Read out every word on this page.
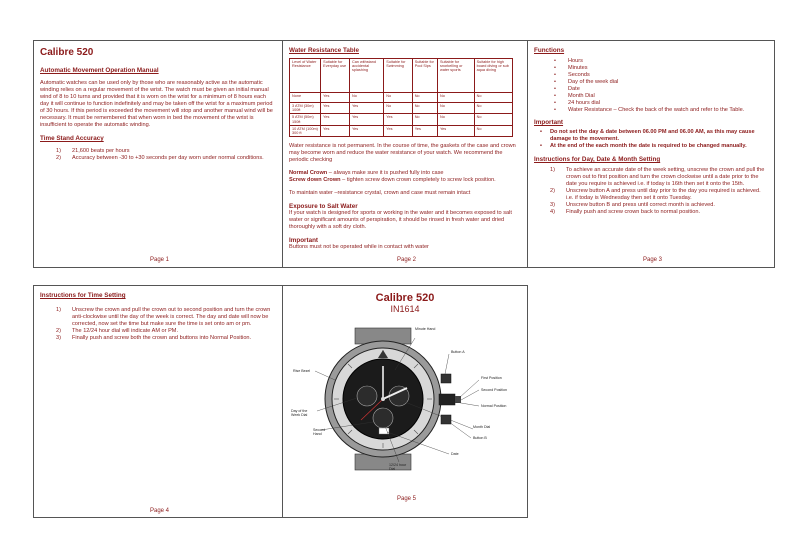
Calibre 520
Automatic Movement Operation Manual
Automatic watches can be used only by those who are reasonably active as the automatic winding relies on a regular movement of the wrist. The watch must be given an initial manual wind of 8 to 10 turns and provided that it is worn on the wrist for a minimum of 8 hours each day it will continue to function indefinitely and may be taken off the wrist for a maximum period of 30 hours. If this period is exceeded the movement will stop and another manual wind will be necessary. It must be remembered that when worn in bed the movement of the wrist is insufficient to operate the automatic winding.
Time Stand Accuracy
1)	21,600 beats per hours
2)	Accuracy between -30 to +30 seconds per day worn under normal conditions.
Page 1
Water Resistance Table
Level of Water Resistance	Suitable for Everyday use	Can withstand accidental splashing	Suitable for Swimming	Suitable for Pool Sips	Suitable for snorkelling or water sports	Suitable for high board diving or sub aqua diving
None	Yes	No	No	No	No	No
3 ATM (30m) 100ft	Yes	Yes	No	No	No	No
5 ATM (50m) 150ft	Yes	Yes	Yes	No	No	No
10 ATM (100m) 300 ft	Yes	Yes	Yes	Yes	Yes	No
Water resistance is not permanent. In the course of time, the gaskets of the case and crown may become worn and reduce the water resistance of your watch. We recommend the periodic checking
Normal Crown – always make sure it is pushed fully into case
Screw down Crown – tighten screw down crown completely to screw lock position.
To maintain water –resistance crystal, crown and case must remain intact
Exposure to Salt Water
If your watch is designed for sports or working in the water and it becomes exposed to salt water or significant amounts of perspiration, it should be rinsed in fresh water and dried thoroughly with a soft dry cloth.
Important
Buttons must not be operated while in contact with water
Page 2
Functions
• Hours
• Minutes
• Seconds
• Day of the week dial
• Date
• Month Dial
• 24 hours dial
• Water Resistance – Check the back of the watch and refer to the Table.
Important
•	Do not set the day & date between 06.00 PM and 06.00 AM, as this may cause damage to the movement.
•	At the end of the each month the date is required to be changed manually.
Instructions for Day, Date & Month Setting
1)	To achieve an accurate date of the week setting, unscrew the crown and pull the crown out to first position and turn the crown clockwise until a date prior to the date you require is achieved i.e. if today is 16th then set it onto the 15th.
2)	Unscrew button A and press until day prior to the day you required is achieved. i.e. if today is Wednesday then set it onto Tuesday.
3)	Unscrew button B and press until correct month is achieved.
4)	Finally push and screw crown back to normal position.
Page 3
Instructions for Time Setting
1)	Unscrew the crown and pull the crown out to second position and turn the crown anti-clockwise until the day of the week is correct. The day and date will now be corrected, now set the time but make sure the time is set onto am or pm.
2)	The 12/24 hour dial will indicate AM or PM.
3)	Finally push and screw both the crown and buttons into Normal Position.
Page 4
Calibre 520
IN1614
Minute Hand
Button A
Rise Bezel
First Position
Second Position
Normal Position
Day of the Week Dial
Month Dial
Second Hand
Button B
Date
12/24 hour Dial
Page 5
